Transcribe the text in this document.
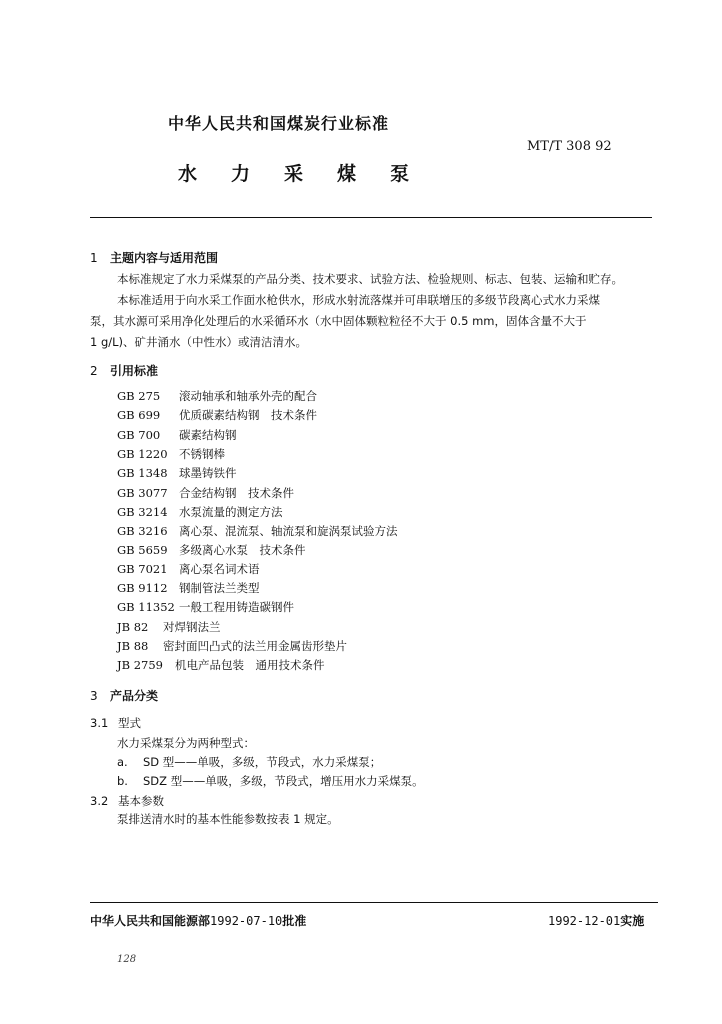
中华人民共和国煤炭行业标准
MT/T 308 92
水 力 采 煤 泵
1 主题内容与适用范围
本标准规定了水力采煤泵的产品分类、技术要求、试验方法、检验规则、标志、包装、运输和贮存。
本标准适用于向水采工作面水枪供水，形成水射流落煤并可串联增压的多级节段离心式水力采煤
泵，其水源可采用净化处理后的水采循环水（水中固体颗粒粒径不大于 0.5 mm，固体含量不大于
1 g/L)、矿井涌水（中性水）或清洁清水。
2 引用标准
GB 275 滚动轴承和轴承外壳的配合
GB 699 优质碳素结构钢　技术条件
GB 700 碳素结构钢
GB 1220 不锈钢棒
GB 1348 球墨铸铁件
GB 3077 合金结构钢　技术条件
GB 3214 水泵流量的测定方法
GB 3216 离心泵、混流泵、轴流泵和旋涡泵试验方法
GB 5659 多级离心水泵　技术条件
GB 7021 离心泵名词术语
GB 9112 钢制管法兰类型
GB 11352 一般工程用铸造碳钢件
JB 82 对焊钢法兰
JB 88 密封面凹凸式的法兰用金属齿形垫片
JB 2759 机电产品包装　通用技术条件
3 产品分类
3.1 型式
水力采煤泵分为两种型式：
a. SD 型——单吸，多级，节段式，水力采煤泵；
b. SDZ 型——单吸，多级，节段式，增压用水力采煤泵。
3.2 基本参数
泵排送清水时的基本性能参数按表 1 规定。
中华人民共和国能源部1992-07-10批准	1992-12-01实施
128
